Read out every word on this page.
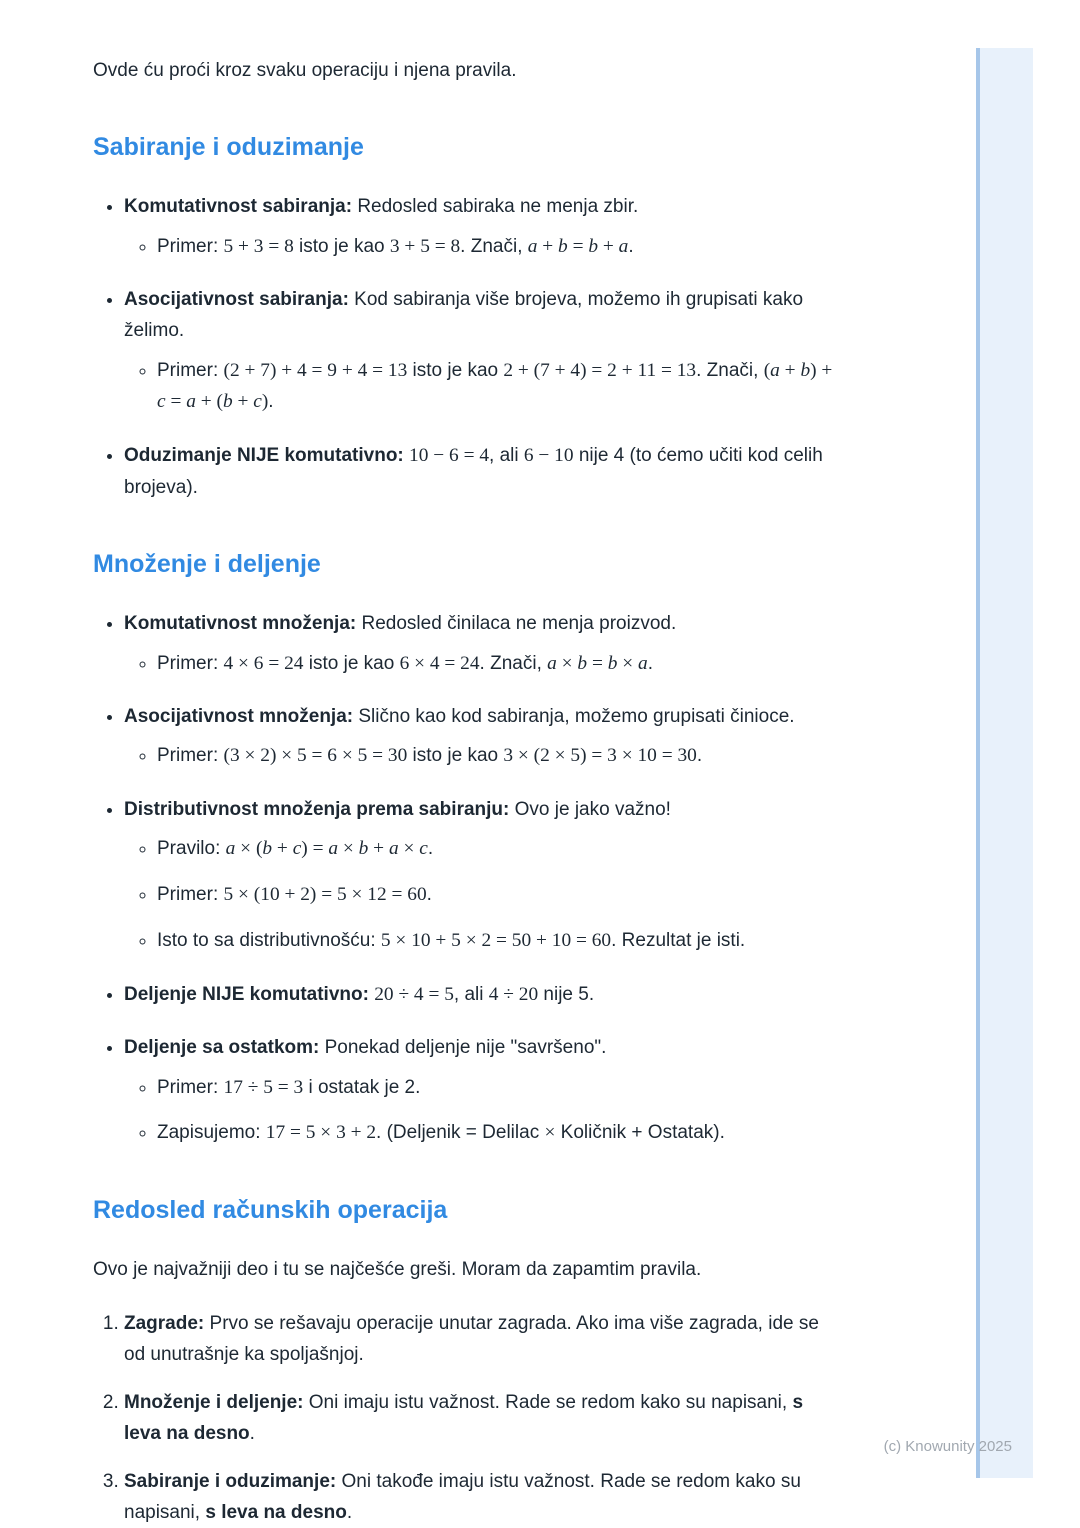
Ovde ću proći kroz svaku operaciju i njena pravila.

Sabiranje i oduzimanje
• Komutativnost sabiranja: Redosled sabiraka ne menja zbir.
◦ Primer: 5 + 3 = 8 isto je kao 3 + 5 = 8. Znači, a + b = b + a.
• Asocijativnost sabiranja: Kod sabiranja više brojeva, možemo ih grupisati kako želimo.
◦ Primer: (2 + 7) + 4 = 9 + 4 = 13 isto je kao 2 + (7 + 4) = 2 + 11 = 13. Znači, (a + b) + c = a + (b + c).
• Oduzimanje NIJE komutativno: 10 − 6 = 4, ali 6 − 10 nije 4 (to ćemo učiti kod celih brojeva).
Množenje i deljenje
• Komutativnost množenja: Redosled činilaca ne menja proizvod.
◦ Primer: 4 × 6 = 24 isto je kao 6 × 4 = 24. Znači, a × b = b × a.
• Asocijativnost množenja: Slično kao kod sabiranja, možemo grupisati činioce.
◦ Primer: (3 × 2) × 5 = 6 × 5 = 30 isto je kao 3 × (2 × 5) = 3 × 10 = 30.
• Distributivnost množenja prema sabiranju: Ovo je jako važno!
◦ Pravilo: a × (b + c) = a × b + a × c.
◦ Primer: 5 × (10 + 2) = 5 × 12 = 60.
◦ Isto to sa distributivnošću: 5 × 10 + 5 × 2 = 50 + 10 = 60. Rezultat je isti.
• Deljenje NIJE komutativno: 20 ÷ 4 = 5, ali 4 ÷ 20 nije 5.
• Deljenje sa ostatkom: Ponekad deljenje nije "savršeno".
◦ Primer: 17 ÷ 5 = 3 i ostatak je 2.
◦ Zapisujemo: 17 = 5 × 3 + 2. (Deljenik = Delilac × Količnik + Ostatak).
Redosled računskih operacija

Ovo je najvažniji deo i tu se najčešće greši. Moram da zapamtim pravila.

1. Zagrade: Prvo se rešavaju operacije unutar zagrada. Ako ima više zagrada, ide se od unutrašnje ka spoljašnjoj.
2. Množenje i deljenje: Oni imaju istu važnost. Rade se redom kako su napisani, s leva na desno.
3. Sabiranje i oduzimanje: Oni takođe imaju istu važnost. Rade se redom kako su napisani, s leva na desno.
(c) Knowunity 2025
